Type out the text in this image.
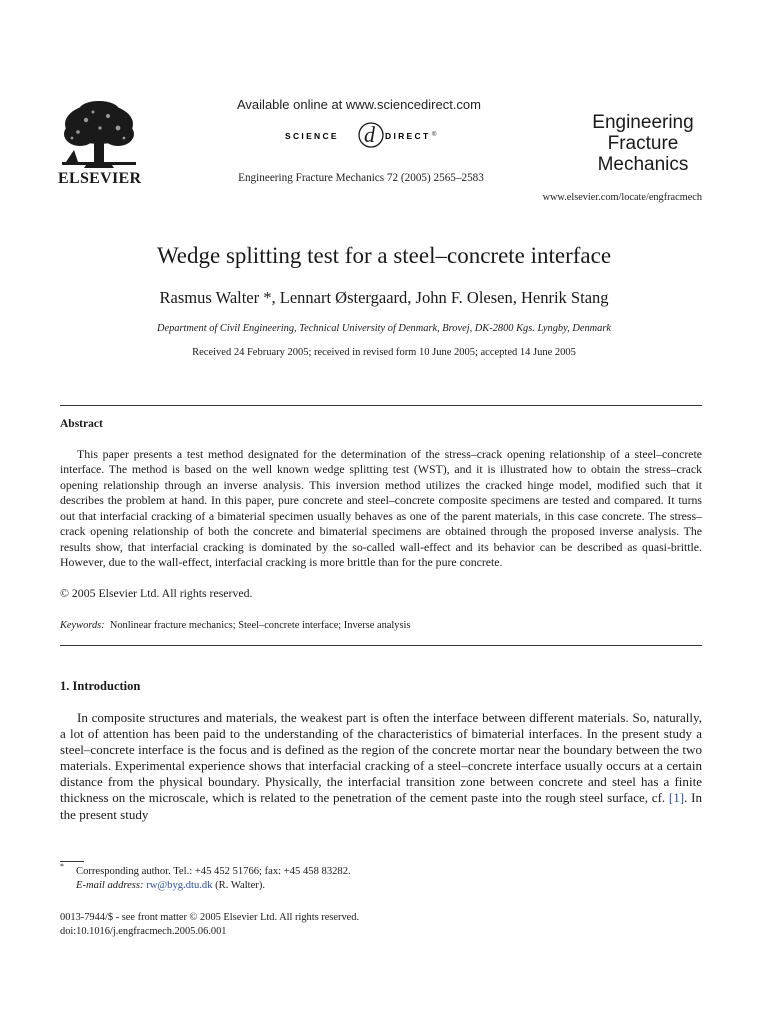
ELSEVIER
Available online at www.sciencedirect.com
SCIENCE d DIRECT ®
Engineering Fracture Mechanics 72 (2005) 2565–2583
Engineering
Fracture
Mechanics
www.elsevier.com/locate/engfracmech
Wedge splitting test for a steel–concrete interface
Rasmus Walter *, Lennart Østergaard, John F. Olesen, Henrik Stang
Department of Civil Engineering, Technical University of Denmark, Brovej, DK-2800 Kgs. Lyngby, Denmark
Received 24 February 2005; received in revised form 10 June 2005; accepted 14 June 2005
Abstract

This paper presents a test method designated for the determination of the stress–crack opening relationship of a steel–concrete interface. The method is based on the well known wedge splitting test (WST), and it is illustrated how to obtain the stress–crack opening relationship through an inverse analysis. This inversion method utilizes the cracked hinge model, modified such that it describes the problem at hand. In this paper, pure concrete and steel–concrete composite specimens are tested and compared. It turns out that interfacial cracking of a bimaterial specimen usually behaves as one of the parent materials, in this case concrete. The stress–crack opening relationship of both the concrete and bimaterial specimens are obtained through the proposed inverse analysis. The results show, that interfacial cracking is dominated by the so-called wall-effect and its behavior can be described as quasi-brittle. However, due to the wall-effect, interfacial cracking is more brittle than for the pure concrete.

© 2005 Elsevier Ltd. All rights reserved.
Keywords: Nonlinear fracture mechanics; Steel–concrete interface; Inverse analysis
1. Introduction

In composite structures and materials, the weakest part is often the interface between different materials. So, naturally, a lot of attention has been paid to the understanding of the characteristics of bimaterial interfaces. In the present study a steel–concrete interface is the focus and is defined as the region of the concrete mortar near the boundary between the two materials. Experimental experience shows that interfacial cracking of a steel–concrete interface usually occurs at a certain distance from the physical boundary. Physically, the interfacial transition zone between concrete and steel has a finite thickness on the microscale, which is related to the penetration of the cement paste into the rough steel surface, cf. [1]. In the present study

* Corresponding author. Tel.: +45 452 51766; fax: +45 458 83282.
E-mail address: rw@byg.dtu.dk (R. Walter).
0013-7944/$ - see front matter © 2005 Elsevier Ltd. All rights reserved.
doi:10.1016/j.engfracmech.2005.06.001
